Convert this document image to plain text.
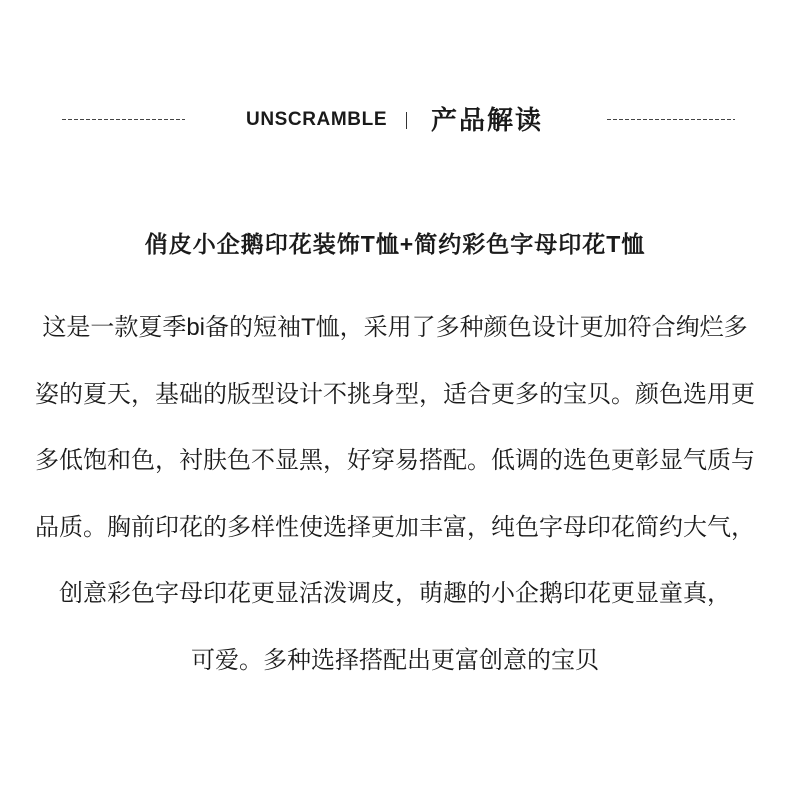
UNSCRAMBLE 产品解读
俏皮小企鹅印花装饰T恤+简约彩色字母印花T恤
这是一款夏季bi备的短袖T恤，采用了多种颜色设计更加符合绚烂多
姿的夏天，基础的版型设计不挑身型，适合更多的宝贝。颜色选用更
多低饱和色，衬肤色不显黑，好穿易搭配。低调的选色更彰显气质与
品质。胸前印花的多样性使选择更加丰富，纯色字母印花简约大气，
创意彩色字母印花更显活泼调皮，萌趣的小企鹅印花更显童真，
可爱。多种选择搭配出更富创意的宝贝
